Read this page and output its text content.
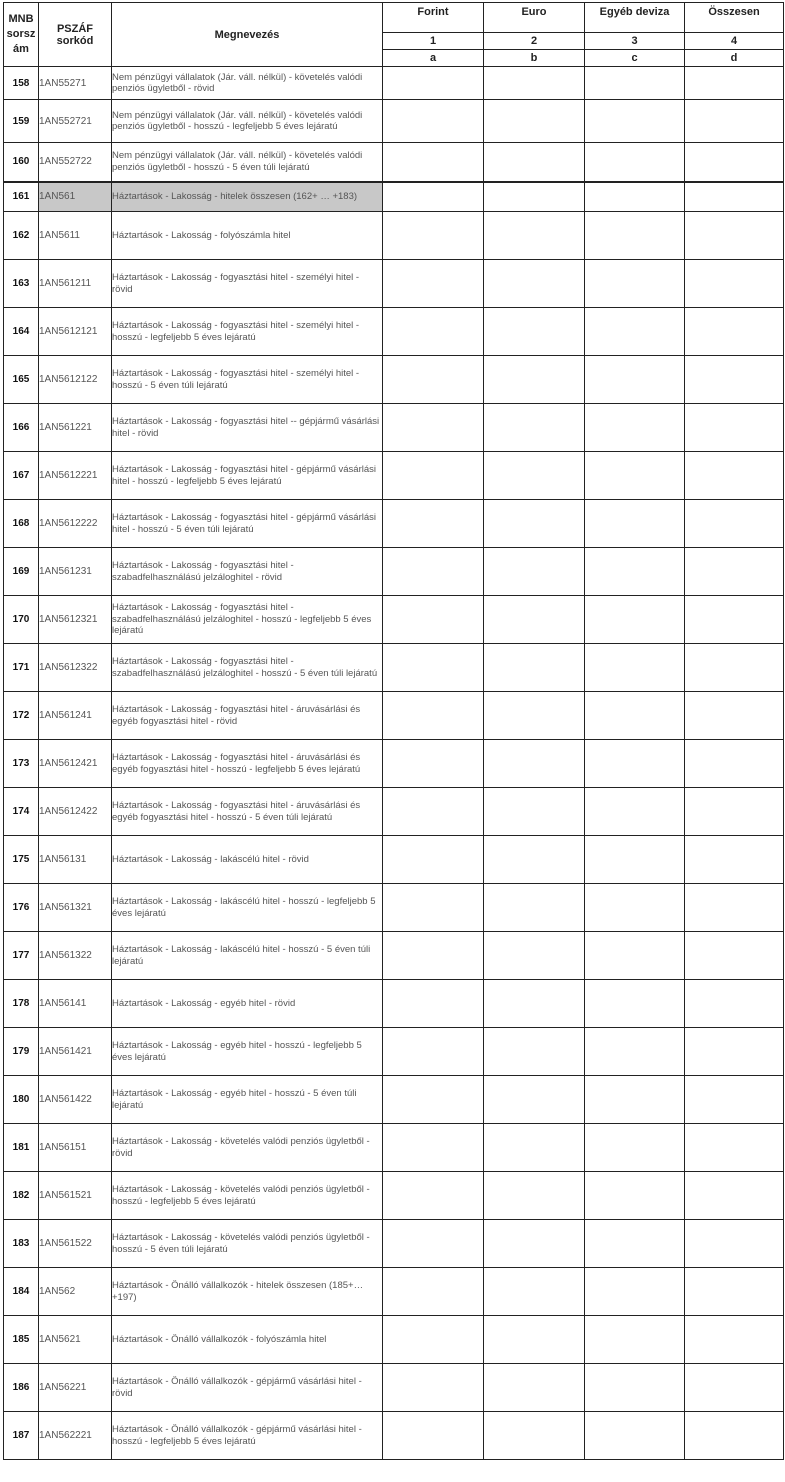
MNB sorsz ám	PSZÁF sorkód	Megnevezés	Forint	Euro	Egyéb deviza	Összesen
			1	2	3	4
			a	b	c	d
158	1AN55271	Nem pénzügyi vállalatok (Jár. váll. nélkül) - követelés valódi penziós ügyletből - rövid				
159	1AN552721	Nem pénzügyi vállalatok (Jár. váll. nélkül) - követelés valódi penziós ügyletből - hosszú - legfeljebb 5 éves lejáratú				
160	1AN552722	Nem pénzügyi vállalatok (Jár. váll. nélkül) - követelés valódi penziós ügyletből - hosszú - 5 éven túli lejáratú				
161	1AN561	Háztartások - Lakosság - hitelek összesen (162+ … +183)				
162	1AN5611	Háztartások - Lakosság - folyószámla hitel				
163	1AN561211	Háztartások - Lakosság - fogyasztási hitel - személyi hitel - rövid				
164	1AN5612121	Háztartások - Lakosság - fogyasztási hitel - személyi hitel - hosszú - legfeljebb 5 éves lejáratú				
165	1AN5612122	Háztartások - Lakosság - fogyasztási hitel - személyi hitel - hosszú - 5 éven túli lejáratú				
166	1AN561221	Háztartások - Lakosság - fogyasztási hitel -- gépjármű vásárlási hitel - rövid				
167	1AN5612221	Háztartások - Lakosság - fogyasztási hitel - gépjármű vásárlási hitel - hosszú - legfeljebb 5 éves lejáratú				
168	1AN5612222	Háztartások - Lakosság - fogyasztási hitel - gépjármű vásárlási hitel - hosszú - 5 éven túli lejáratú				
169	1AN561231	Háztartások - Lakosság - fogyasztási hitel - szabadfelhasználású jelzáloghitel - rövid				
170	1AN5612321	Háztartások - Lakosság - fogyasztási hitel - szabadfelhasználású jelzáloghitel - hosszú - legfeljebb 5 éves lejáratú				
171	1AN5612322	Háztartások - Lakosság - fogyasztási hitel - szabadfelhasználású jelzáloghitel - hosszú - 5 éven túli lejáratú				
172	1AN561241	Háztartások - Lakosság - fogyasztási hitel - áruvásárlási és egyéb fogyasztási hitel - rövid				
173	1AN5612421	Háztartások - Lakosság - fogyasztási hitel - áruvásárlási és egyéb fogyasztási hitel - hosszú - legfeljebb 5 éves lejáratú				
174	1AN5612422	Háztartások - Lakosság - fogyasztási hitel - áruvásárlási és egyéb fogyasztási hitel - hosszú - 5 éven túli lejáratú				
175	1AN56131	Háztartások - Lakosság - lakáscélú hitel - rövid				
176	1AN561321	Háztartások - Lakosság - lakáscélú hitel - hosszú - legfeljebb 5 éves lejáratú				
177	1AN561322	Háztartások - Lakosság - lakáscélú hitel - hosszú - 5 éven túli lejáratú				
178	1AN56141	Háztartások - Lakosság - egyéb hitel - rövid				
179	1AN561421	Háztartások - Lakosság - egyéb hitel - hosszú - legfeljebb 5 éves lejáratú				
180	1AN561422	Háztartások - Lakosság - egyéb hitel - hosszú - 5 éven túli lejáratú				
181	1AN56151	Háztartások - Lakosság - követelés valódi penziós ügyletből - rövid				
182	1AN561521	Háztartások - Lakosság - követelés valódi penziós ügyletből - hosszú - legfeljebb 5 éves lejáratú				
183	1AN561522	Háztartások - Lakosság - követelés valódi penziós ügyletből - hosszú - 5 éven túli lejáratú				
184	1AN562	Háztartások - Önálló vállalkozók - hitelek összesen (185+…+197)				
185	1AN5621	Háztartások - Önálló vállalkozók - folyószámla hitel				
186	1AN56221	Háztartások - Önálló vállalkozók - gépjármű vásárlási hitel - rövid				
187	1AN562221	Háztartások - Önálló vállalkozók - gépjármű vásárlási hitel - hosszú - legfeljebb 5 éves lejáratú				
